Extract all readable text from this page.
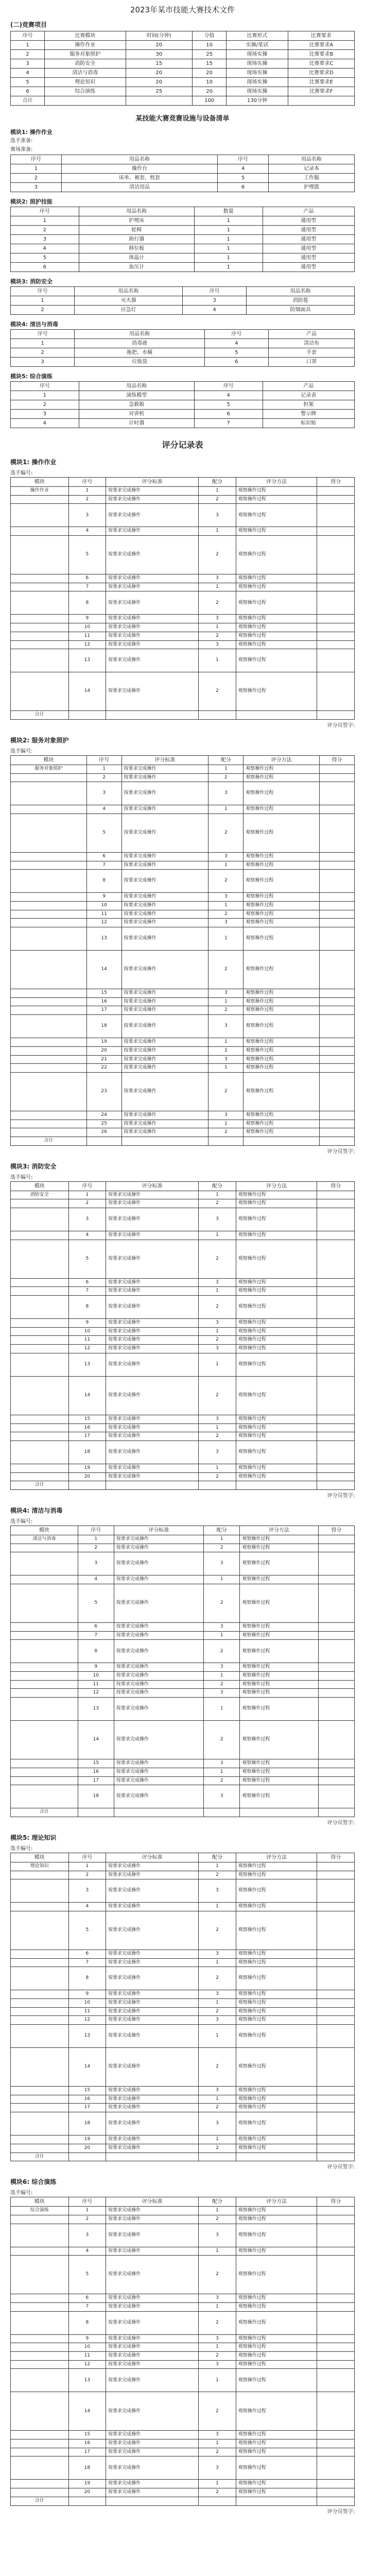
2023年某市技能大赛技术文件
(二)竞赛项目
序号	比赛模块	时间(分钟)	分值	比赛形式	比赛要求
1	操作作业	20	10	实操/笔试	比赛要求A
2	服务对象照护	30	25	现场实操	比赛要求B
3	消防安全	15	15	现场实操	比赛要求C
4	清洁与消毒	20	20	现场实操	比赛要求D
5	理论知识	20	10	现场实操	比赛要求E
6	综合演练	25	20	现场实操	比赛要求F
合计			100	130分钟	
某技能大赛竞赛设施与设备清单
模块1: 操作作业
选手准备:
赛场准备:
序号	用品名称	序号	用品名称
1	操作台	4	记录本
2	床单、被套、枕套	5	工作服
3	清洁用品	6	护理篮
模块2: 照护技能
序号	用品名称	数量	产品
1	护理床	1	通用型
2	轮椅	1	通用型
3	助行器	1	通用型
4	移位板	1	通用型
5	体温计	1	通用型
6	血压计	1	通用型
模块3: 消防安全
序号	用品名称	序号	用品名称
1	灭火器	3	消防毯
2	应急灯	4	防烟面具
模块4: 清洁与消毒
序号	用品名称	序号	产品
1	消毒液	4	清洁布
2	拖把、水桶	5	手套
3	垃圾袋	6	口罩
模块5: 综合演练
序号	用品名称	序号	产品
1	演练模型	4	记录表
2	急救箱	5	担架
3	对讲机	6	警示牌
4	计时器	7	标识贴
评分记录表
模块1: 操作作业
选手编号:
模块	序号	评分标准	配分	评分方法	得分
操作作业	1	按要求完成操作	1	观察操作过程	
	2	按要求完成操作	2	观察操作过程	
	3	按要求完成操作	3	观察操作过程	
	4	按要求完成操作	1	观察操作过程	
	5	按要求完成操作	2	观察操作过程	
	6	按要求完成操作	3	观察操作过程	
	7	按要求完成操作	1	观察操作过程	
	8	按要求完成操作	2	观察操作过程	
	9	按要求完成操作	3	观察操作过程	
	10	按要求完成操作	1	观察操作过程	
	11	按要求完成操作	2	观察操作过程	
	12	按要求完成操作	3	观察操作过程	
	13	按要求完成操作	1	观察操作过程	
	14	按要求完成操作	2	观察操作过程	
合计					
评分员签字:
模块2: 服务对象照护
选手编号:
模块	序号	评分标准	配分	评分方法	得分
服务对象照护	1	按要求完成操作	1	观察操作过程	
	2	按要求完成操作	2	观察操作过程	
	3	按要求完成操作	3	观察操作过程	
	4	按要求完成操作	1	观察操作过程	
	5	按要求完成操作	2	观察操作过程	
	6	按要求完成操作	3	观察操作过程	
	7	按要求完成操作	1	观察操作过程	
	8	按要求完成操作	2	观察操作过程	
	9	按要求完成操作	3	观察操作过程	
	10	按要求完成操作	1	观察操作过程	
	11	按要求完成操作	2	观察操作过程	
	12	按要求完成操作	3	观察操作过程	
	13	按要求完成操作	1	观察操作过程	
	14	按要求完成操作	2	观察操作过程	
	15	按要求完成操作	3	观察操作过程	
	16	按要求完成操作	1	观察操作过程	
	17	按要求完成操作	2	观察操作过程	
	18	按要求完成操作	3	观察操作过程	
	19	按要求完成操作	1	观察操作过程	
	20	按要求完成操作	2	观察操作过程	
	21	按要求完成操作	3	观察操作过程	
	22	按要求完成操作	1	观察操作过程	
	23	按要求完成操作	2	观察操作过程	
	24	按要求完成操作	3	观察操作过程	
	25	按要求完成操作	1	观察操作过程	
	26	按要求完成操作	2	观察操作过程	
合计					
评分员签字:
模块3: 消防安全
选手编号:
模块	序号	评分标准	配分	评分方法	得分
消防安全	1	按要求完成操作	1	观察操作过程	
	2	按要求完成操作	2	观察操作过程	
	3	按要求完成操作	3	观察操作过程	
	4	按要求完成操作	1	观察操作过程	
	5	按要求完成操作	2	观察操作过程	
	6	按要求完成操作	3	观察操作过程	
	7	按要求完成操作	1	观察操作过程	
	8	按要求完成操作	2	观察操作过程	
	9	按要求完成操作	3	观察操作过程	
	10	按要求完成操作	1	观察操作过程	
	11	按要求完成操作	2	观察操作过程	
	12	按要求完成操作	3	观察操作过程	
	13	按要求完成操作	1	观察操作过程	
	14	按要求完成操作	2	观察操作过程	
	15	按要求完成操作	3	观察操作过程	
	16	按要求完成操作	1	观察操作过程	
	17	按要求完成操作	2	观察操作过程	
	18	按要求完成操作	3	观察操作过程	
	19	按要求完成操作	1	观察操作过程	
	20	按要求完成操作	2	观察操作过程	
合计					
评分员签字:
模块4: 清洁与消毒
选手编号:
模块	序号	评分标准	配分	评分方法	得分
清洁与消毒	1	按要求完成操作	1	观察操作过程	
	2	按要求完成操作	2	观察操作过程	
	3	按要求完成操作	3	观察操作过程	
	4	按要求完成操作	1	观察操作过程	
	5	按要求完成操作	2	观察操作过程	
	6	按要求完成操作	3	观察操作过程	
	7	按要求完成操作	1	观察操作过程	
	8	按要求完成操作	2	观察操作过程	
	9	按要求完成操作	3	观察操作过程	
	10	按要求完成操作	1	观察操作过程	
	11	按要求完成操作	2	观察操作过程	
	12	按要求完成操作	3	观察操作过程	
	13	按要求完成操作	1	观察操作过程	
	14	按要求完成操作	2	观察操作过程	
	15	按要求完成操作	3	观察操作过程	
	16	按要求完成操作	1	观察操作过程	
	17	按要求完成操作	2	观察操作过程	
	18	按要求完成操作	3	观察操作过程	
合计					
评分员签字:
模块5: 理论知识
选手编号:
模块	序号	评分标准	配分	评分方法	得分
理论知识	1	按要求完成操作	1	观察操作过程	
	2	按要求完成操作	2	观察操作过程	
	3	按要求完成操作	3	观察操作过程	
	4	按要求完成操作	1	观察操作过程	
	5	按要求完成操作	2	观察操作过程	
	6	按要求完成操作	3	观察操作过程	
	7	按要求完成操作	1	观察操作过程	
	8	按要求完成操作	2	观察操作过程	
	9	按要求完成操作	3	观察操作过程	
	10	按要求完成操作	1	观察操作过程	
	11	按要求完成操作	2	观察操作过程	
	12	按要求完成操作	3	观察操作过程	
	13	按要求完成操作	1	观察操作过程	
	14	按要求完成操作	2	观察操作过程	
	15	按要求完成操作	3	观察操作过程	
	16	按要求完成操作	1	观察操作过程	
	17	按要求完成操作	2	观察操作过程	
	18	按要求完成操作	3	观察操作过程	
	19	按要求完成操作	1	观察操作过程	
	20	按要求完成操作	2	观察操作过程	
合计					
评分员签字:
模块6: 综合演练
选手编号:
模块	序号	评分标准	配分	评分方法	得分
综合演练	1	按要求完成操作	1	观察操作过程	
	2	按要求完成操作	2	观察操作过程	
	3	按要求完成操作	3	观察操作过程	
	4	按要求完成操作	1	观察操作过程	
	5	按要求完成操作	2	观察操作过程	
	6	按要求完成操作	3	观察操作过程	
	7	按要求完成操作	1	观察操作过程	
	8	按要求完成操作	2	观察操作过程	
	9	按要求完成操作	3	观察操作过程	
	10	按要求完成操作	1	观察操作过程	
	11	按要求完成操作	2	观察操作过程	
	12	按要求完成操作	3	观察操作过程	
	13	按要求完成操作	1	观察操作过程	
	14	按要求完成操作	2	观察操作过程	
	15	按要求完成操作	3	观察操作过程	
	16	按要求完成操作	1	观察操作过程	
	17	按要求完成操作	2	观察操作过程	
	18	按要求完成操作	3	观察操作过程	
	19	按要求完成操作	1	观察操作过程	
	20	按要求完成操作	2	观察操作过程	
合计					
评分员签字:
